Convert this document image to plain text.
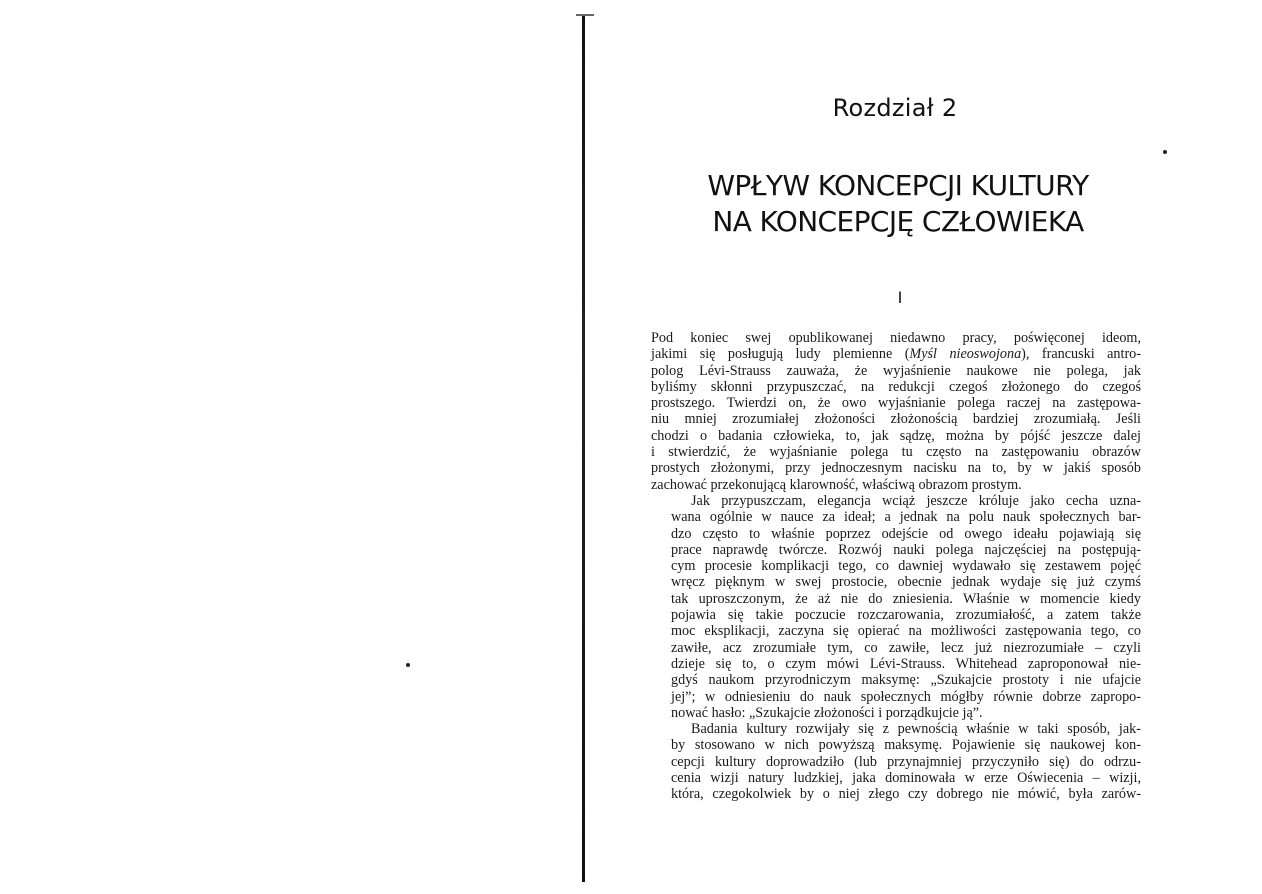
Rozdział 2
WPŁYW KONCEPCJI KULTURY
NA KONCEPCJĘ CZŁOWIEKA
I

Pod koniec swej opublikowanej niedawno pracy, poświęconej ideom,
jakimi się posługują ludy plemienne (Myśl nieoswojona), francuski antro-
polog Lévi-Strauss zauważa, że wyjaśnienie naukowe nie polega, jak
byliśmy skłonni przypuszczać, na redukcji czegoś złożonego do czegoś
prostszego. Twierdzi on, że owo wyjaśnianie polega raczej na zastępowa-
niu mniej zrozumiałej złożoności złożonością bardziej zrozumiałą. Jeśli
chodzi o badania człowieka, to, jak sądzę, można by pójść jeszcze dalej
i stwierdzić, że wyjaśnianie polega tu często na zastępowaniu obrazów
prostych złożonymi, przy jednoczesnym nacisku na to, by w jakiś sposób
zachować przekonującą klarowność, właściwą obrazom prostym.

Jak przypuszczam, elegancja wciąż jeszcze króluje jako cecha uzna-
wana ogólnie w nauce za ideał; a jednak na polu nauk społecznych bar-
dzo często to właśnie poprzez odejście od owego ideału pojawiają się
prace naprawdę twórcze. Rozwój nauki polega najczęściej na postępują-
cym procesie komplikacji tego, co dawniej wydawało się zestawem pojęć
wręcz pięknym w swej prostocie, obecnie jednak wydaje się już czymś
tak uproszczonym, że aż nie do zniesienia. Właśnie w momencie kiedy
pojawia się takie poczucie rozczarowania, zrozumiałość, a zatem także
moc eksplikacji, zaczyna się opierać na możliwości zastępowania tego, co
zawiłe, acz zrozumiałe tym, co zawiłe, lecz już niezrozumiałe – czyli
dzieje się to, o czym mówi Lévi-Strauss. Whitehead zaproponował nie-
gdyś naukom przyrodniczym maksymę: „Szukajcie prostoty i nie ufajcie
jej”; w odniesieniu do nauk społecznych mógłby równie dobrze zapropo-
nować hasło: „Szukajcie złożoności i porządkujcie ją”.

Badania kultury rozwijały się z pewnością właśnie w taki sposób, jak-
by stosowano w nich powyższą maksymę. Pojawienie się naukowej kon-
cepcji kultury doprowadziło (lub przynajmniej przyczyniło się) do odrzu-
cenia wizji natury ludzkiej, jaka dominowała w erze Oświecenia – wizji,
która, czegokolwiek by o niej złego czy dobrego nie mówić, była zarów-
